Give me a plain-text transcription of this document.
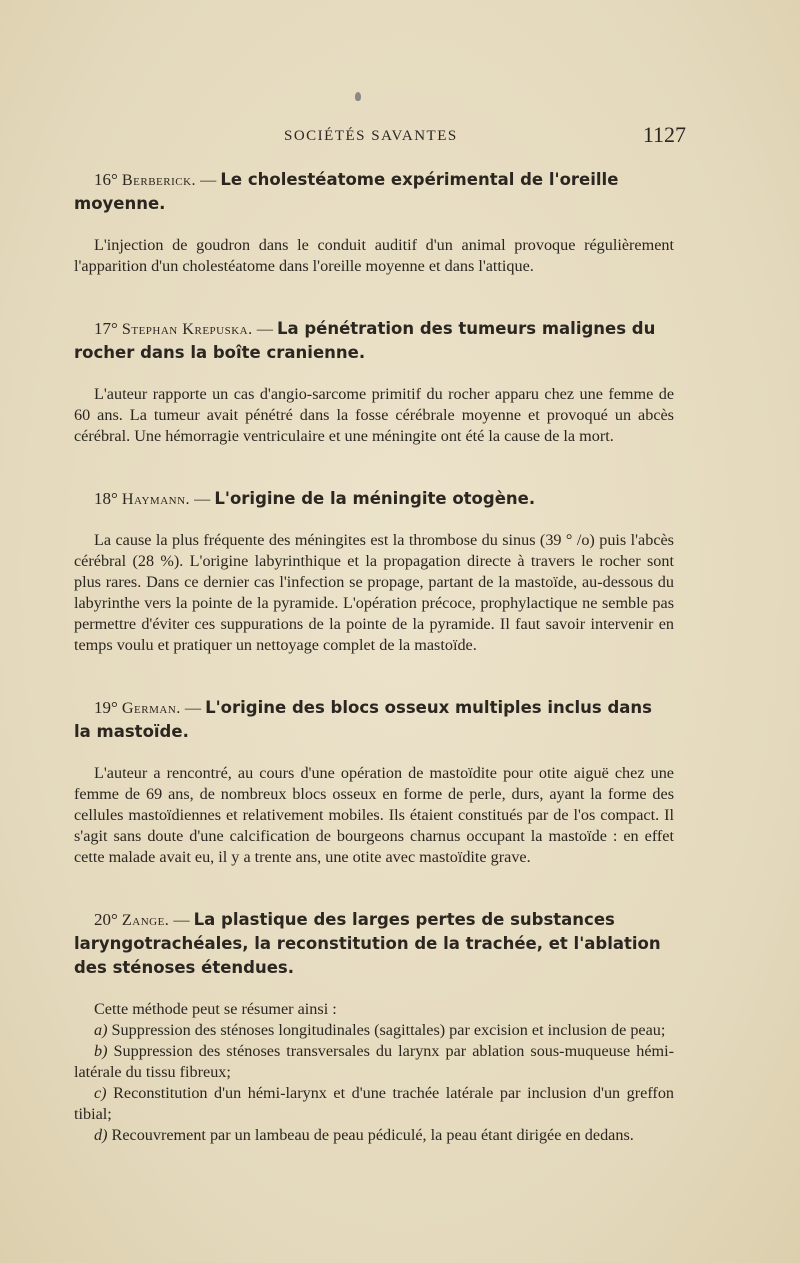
SOCIÉTÉS SAVANTES	1127

16° Berberick. — Le cholestéatome expérimental de l'oreille moyenne.

L'injection de goudron dans le conduit auditif d'un animal provoque régulièrement l'apparition d'un cholestéatome dans l'oreille moyenne et dans l'attique.

17° Stephan Krepuska. — La pénétration des tumeurs malignes du rocher dans la boîte cranienne.

L'auteur rapporte un cas d'angio-sarcome primitif du rocher apparu chez une femme de 60 ans. La tumeur avait pénétré dans la fosse cérébrale moyenne et provoqué un abcès cérébral. Une hémorragie ventriculaire et une méningite ont été la cause de la mort.

18° Haymann. — L'origine de la méningite otogène.

La cause la plus fréquente des méningites est la thrombose du sinus (39 ° /o) puis l'abcès cérébral (28 %). L'origine labyrinthique et la propagation directe à travers le rocher sont plus rares. Dans ce dernier cas l'infection se propage, partant de la mastoïde, au-dessous du labyrinthe vers la pointe de la pyramide. L'opération précoce, prophylactique ne semble pas permettre d'éviter ces suppurations de la pointe de la pyramide. Il faut savoir intervenir en temps voulu et pratiquer un nettoyage complet de la mastoïde.

19° German. — L'origine des blocs osseux multiples inclus dans la mastoïde.

L'auteur a rencontré, au cours d'une opération de mastoïdite pour otite aiguë chez une femme de 69 ans, de nombreux blocs osseux en forme de perle, durs, ayant la forme des cellules mastoïdiennes et relativement mobiles. Ils étaient constitués par de l'os compact. Il s'agit sans doute d'une calcification de bourgeons charnus occupant la mastoïde : en effet cette malade avait eu, il y a trente ans, une otite avec mastoïdite grave.

20° Zange. — La plastique des larges pertes de substances laryngotrachéales, la reconstitution de la trachée, et l'ablation des sténoses étendues.

Cette méthode peut se résumer ainsi :

a) Suppression des sténoses longitudinales (sagittales) par excision et inclusion de peau;

b) Suppression des sténoses transversales du larynx par ablation sous-muqueuse hémi-latérale du tissu fibreux;

c) Reconstitution d'un hémi-larynx et d'une trachée latérale par inclusion d'un greffon tibial;

d) Recouvrement par un lambeau de peau pédiculé, la peau étant dirigée en dedans.
